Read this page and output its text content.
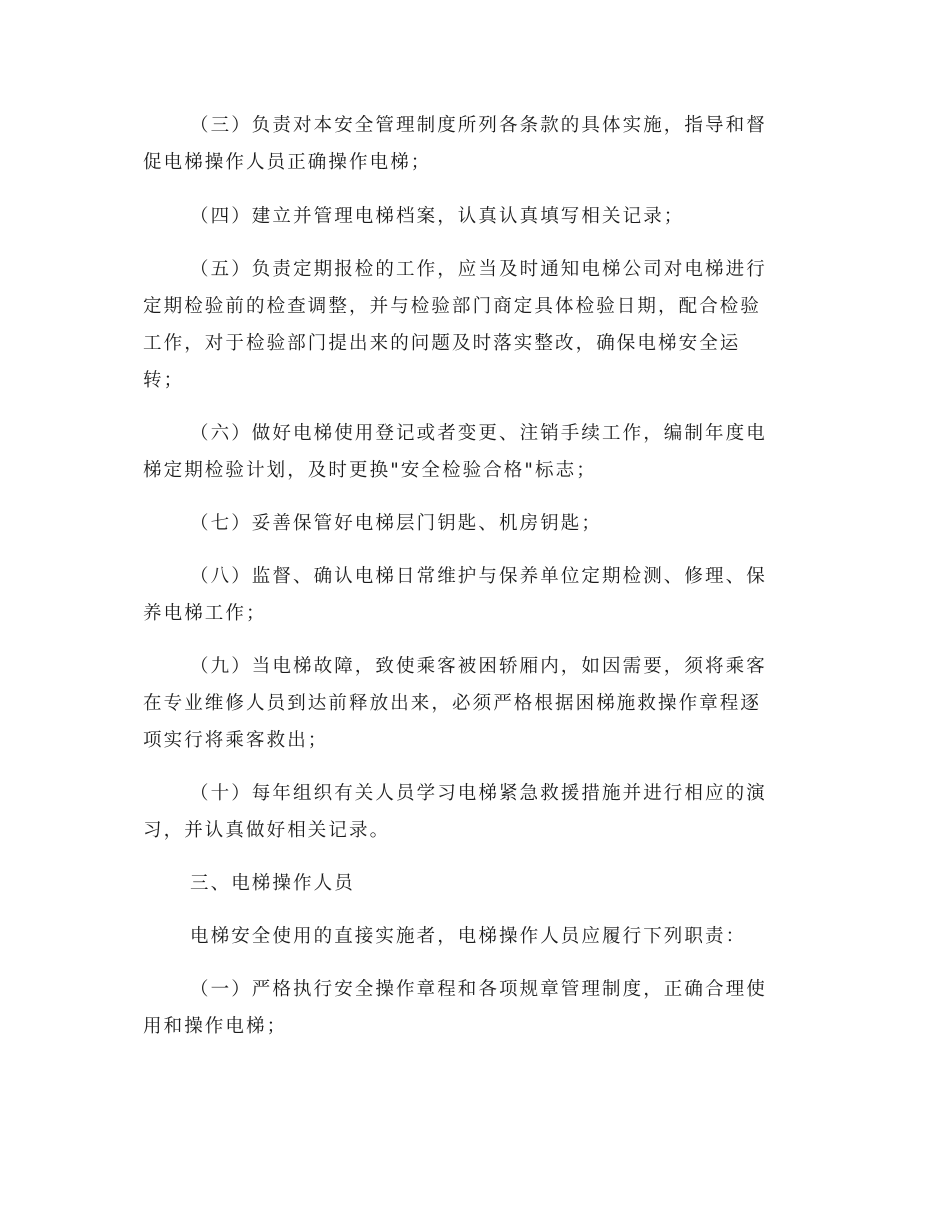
（三）负责对本安全管理制度所列各条款的具体实施，指导和督
促电梯操作人员正确操作电梯；
（四）建立并管理电梯档案，认真认真填写相关记录；
（五）负责定期报检的工作，应当及时通知电梯公司对电梯进行
定期检验前的检查调整，并与检验部门商定具体检验日期，配合检验
工作，对于检验部门提出来的问题及时落实整改，确保电梯安全运
转；
（六）做好电梯使用登记或者变更、注销手续工作，编制年度电
梯定期检验计划，及时更换"安全检验合格"标志；
（七）妥善保管好电梯层门钥匙、机房钥匙；
（八）监督、确认电梯日常维护与保养单位定期检测、修理、保
养电梯工作；
（九）当电梯故障，致使乘客被困轿厢内，如因需要，须将乘客
在专业维修人员到达前释放出来，必须严格根据困梯施救操作章程逐
项实行将乘客救出；
（十）每年组织有关人员学习电梯紧急救援措施并进行相应的演
习，并认真做好相关记录。
三、电梯操作人员
电梯安全使用的直接实施者，电梯操作人员应履行下列职责：
（一）严格执行安全操作章程和各项规章管理制度，正确合理使
用和操作电梯；
